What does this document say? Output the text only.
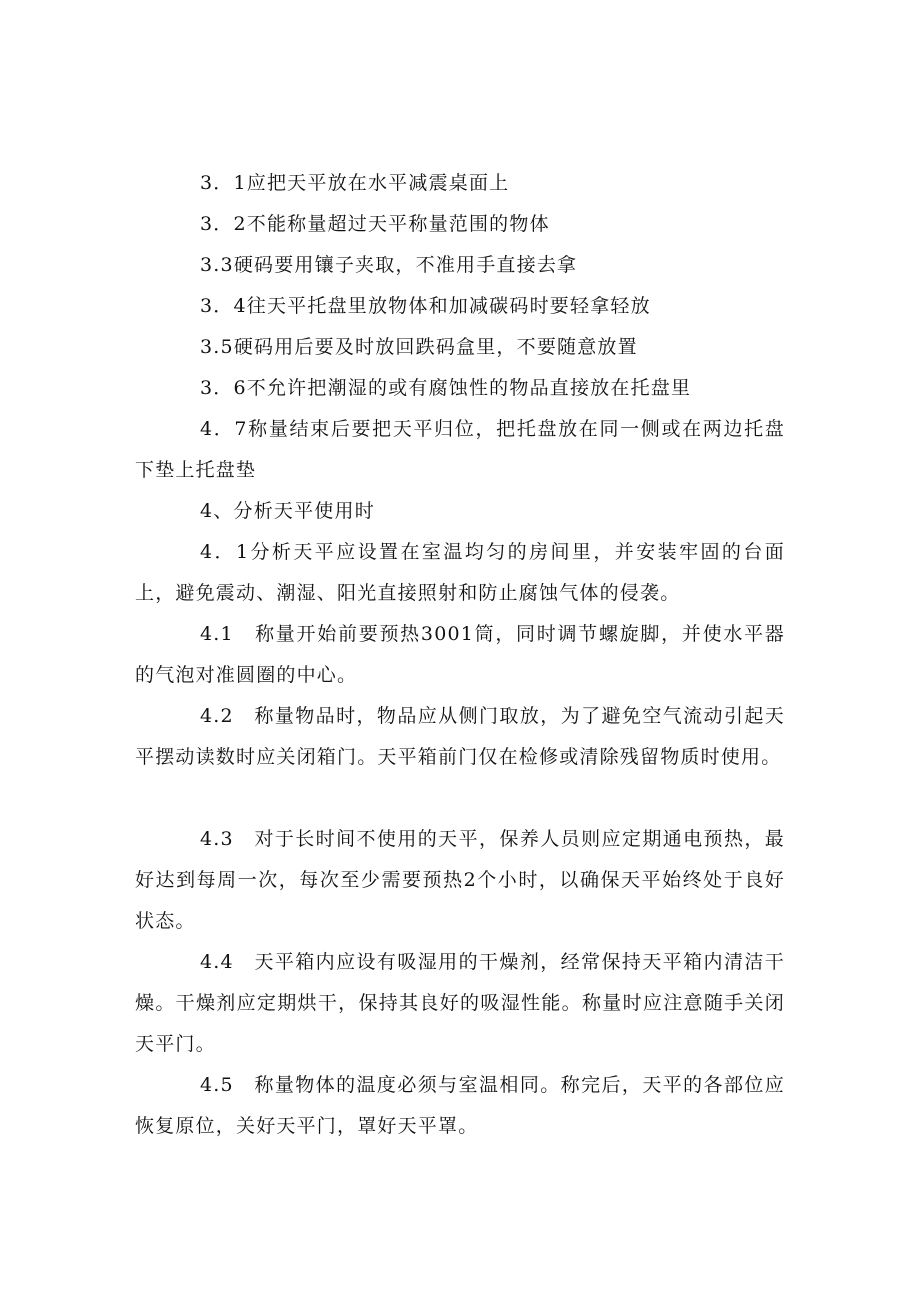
3．1应把天平放在水平减震桌面上

3．2不能称量超过天平称量范围的物体

3.3硬码要用镶子夹取，不准用手直接去拿

3．4往天平托盘里放物体和加减碳码时要轻拿轻放

3.5硬码用后要及时放回跌码盒里，不要随意放置

3．6不允许把潮湿的或有腐蚀性的物品直接放在托盘里

4．7称量结束后要把天平归位，把托盘放在同一侧或在两边托盘下垫上托盘垫

4、分析天平使用时

4．1分析天平应设置在室温均匀的房间里，并安装牢固的台面上，避免震动、潮湿、阳光直接照射和防止腐蚀气体的侵袭。

4.1　称量开始前要预热3001筒，同时调节螺旋脚，并使水平器的气泡对准圆圈的中心。

4.2　称量物品时，物品应从侧门取放，为了避免空气流动引起天平摆动读数时应关闭箱门。天平箱前门仅在检修或清除残留物质时使用。

4.3　对于长时间不使用的天平，保养人员则应定期通电预热，最好达到每周一次，每次至少需要预热2个小时，以确保天平始终处于良好状态。

4.4　天平箱内应设有吸湿用的干燥剂，经常保持天平箱内清洁干燥。干燥剂应定期烘干，保持其良好的吸湿性能。称量时应注意随手关闭天平门。

4.5　称量物体的温度必须与室温相同。称完后，天平的各部位应恢复原位，关好天平门，罩好天平罩。
